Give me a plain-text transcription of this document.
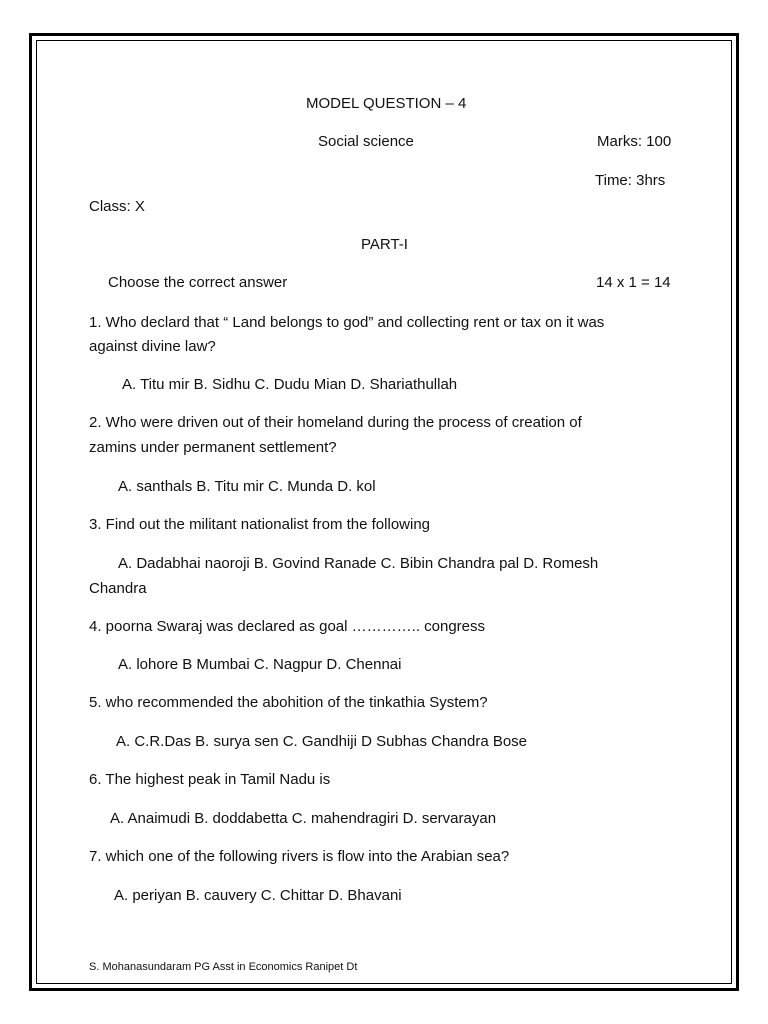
MODEL QUESTION – 4
Social science	Marks: 100
Time: 3hrs
Class: X
PART-I
Choose the correct answer	14 x 1 = 14
1. Who declard that “ Land belongs to god” and collecting rent or tax on it was
against divine law?
A. Titu mir B. Sidhu C. Dudu Mian D. Shariathullah
2. Who were driven out of their homeland during the process of creation of
zamins under permanent settlement?
A. santhals B. Titu mir C. Munda D. kol
3. Find out the militant nationalist from the following
A. Dadabhai naoroji B. Govind Ranade C. Bibin Chandra pal D. Romesh
Chandra
4. poorna Swaraj was declared as goal ………….. congress
A. lohore B Mumbai C. Nagpur D. Chennai
5. who recommended the abohition of the tinkathia System?
A. C.R.Das B. surya sen C. Gandhiji D Subhas Chandra Bose
6. The highest peak in Tamil Nadu is
A. Anaimudi B. doddabetta C. mahendragiri D. servarayan
7. which one of the following rivers is flow into the Arabian sea?
A. periyan B. cauvery C. Chittar D. Bhavani
S. Mohanasundaram PG Asst in Economics Ranipet Dt
